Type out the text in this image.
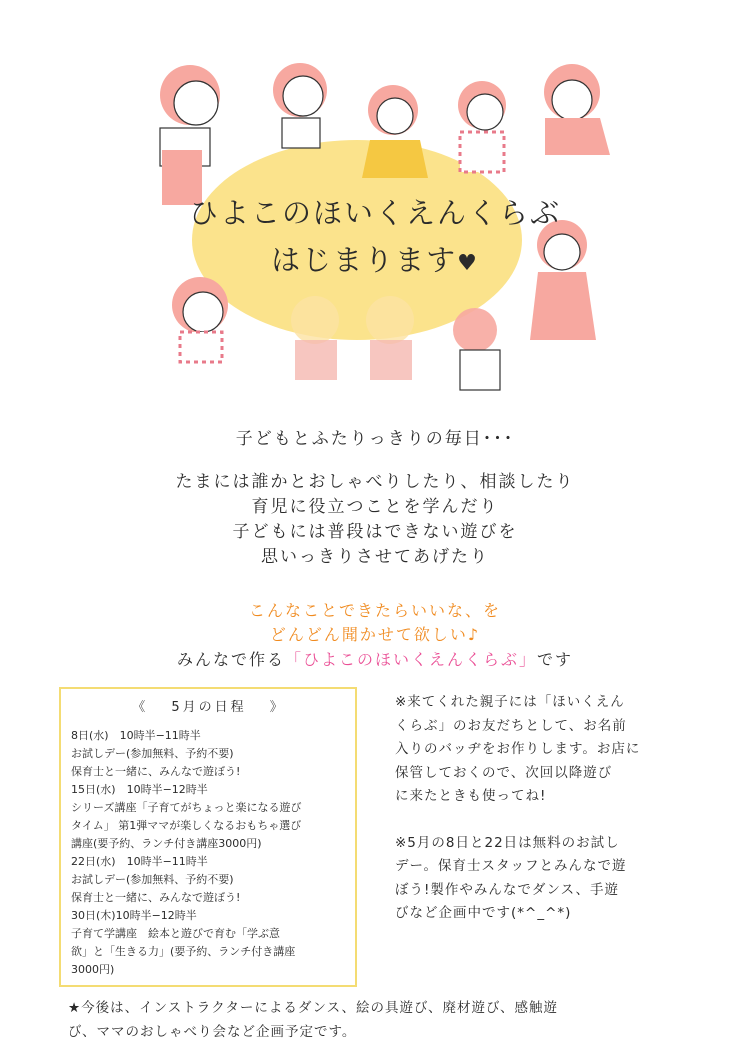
ひよこのほいくえんくらぶ
はじまります♥
子どもとふたりっきりの毎日･･･
たまには誰かとおしゃべりしたり、相談したり
育児に役立つことを学んだり
子どもには普段はできない遊びを
思いっきりさせてあげたり
こんなことできたらいいな、を
どんどん聞かせて欲しい♪
みんなで作る「ひよこのほいくえんくらぶ」です
《　 5月の日程　 》
8日(水)　10時半−11時半
お試しデー(参加無料、予約不要)
保育士と一緒に、みんなで遊ぼう!
15日(水)　10時半−12時半
シリーズ講座「子育てがちょっと楽になる遊び
タイム」 第1弾ママが楽しくなるおもちゃ選び
講座(要予約、ランチ付き講座3000円)
22日(水)　10時半−11時半
お試しデー(参加無料、予約不要)
保育士と一緒に、みんなで遊ぼう!
30日(木)10時半−12時半
子育て学講座　絵本と遊びで育む「学ぶ意
欲」と「生きる力」(要予約、ランチ付き講座
3000円)
※来てくれた親子には「ほいくえん
くらぶ」のお友だちとして、お名前
入りのバッヂをお作りします。お店に
保管しておくので、次回以降遊び
に来たときも使ってね!
※5月の8日と22日は無料のお試し
デー。保育士スタッフとみんなで遊
ぼう!製作やみんなでダンス、手遊
びなど企画中です(*^_^*)
★今後は、インストラクターによるダンス、絵の具遊び、廃材遊び、感触遊
び、ママのおしゃべり会など企画予定です。
